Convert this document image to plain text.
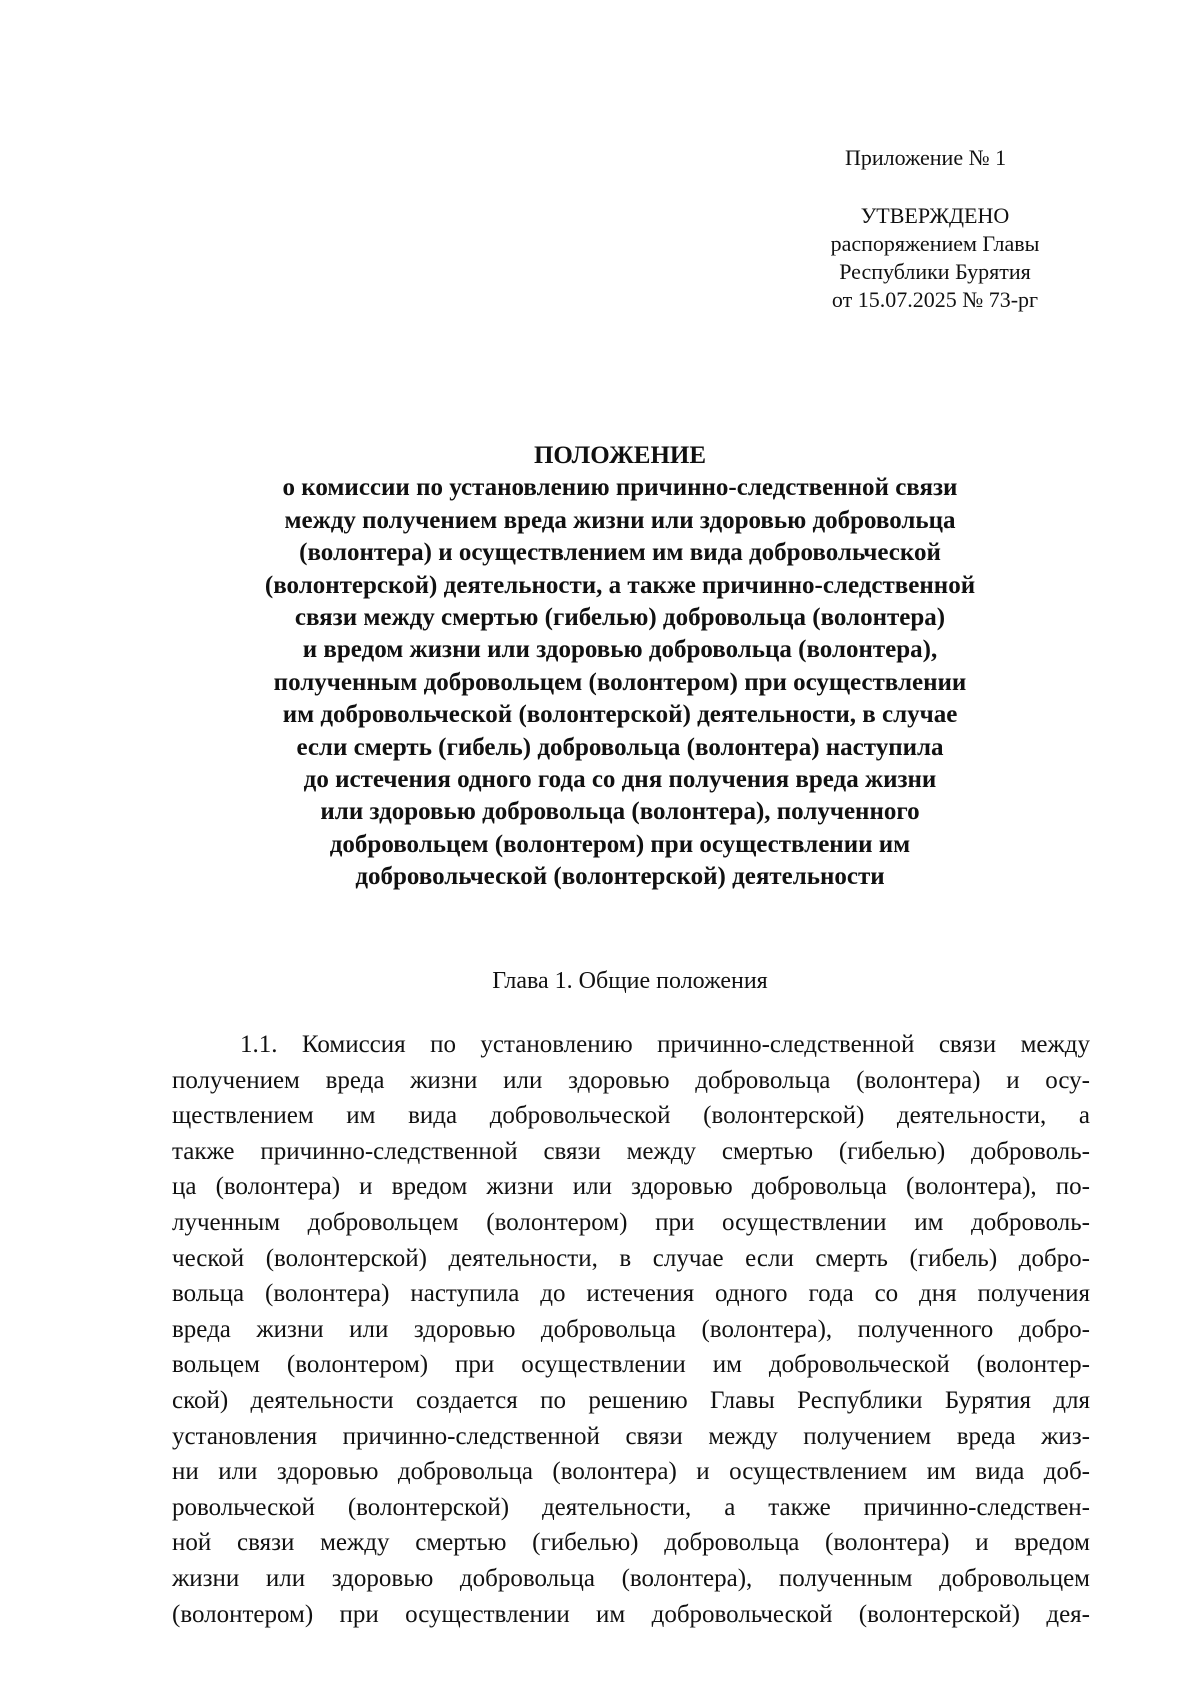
Приложение № 1
УТВЕРЖДЕНО
распоряжением Главы
Республики Бурятия
от 15.07.2025 № 73-рг
ПОЛОЖЕНИЕ
о комиссии по установлению причинно-следственной связи
между получением вреда жизни или здоровью добровольца
(волонтера) и осуществлением им вида добровольческой
(волонтерской) деятельности, а также причинно-следственной
связи между смертью (гибелью) добровольца (волонтера)
и вредом жизни или здоровью добровольца (волонтера),
полученным добровольцем (волонтером) при осуществлении
им добровольческой (волонтерской) деятельности, в случае
если смерть (гибель) добровольца (волонтера) наступила
до истечения одного года со дня получения вреда жизни
или здоровью добровольца (волонтера), полученного
добровольцем (волонтером) при осуществлении им
добровольческой (волонтерской) деятельности
Глава 1. Общие положения
1.1. Комиссия по установлению причинно-следственной связи между
получением вреда жизни или здоровью добровольца (волонтера) и осу-
ществлением им вида добровольческой (волонтерской) деятельности, а
также причинно-следственной связи между смертью (гибелью) доброволь-
ца (волонтера) и вредом жизни или здоровью добровольца (волонтера), по-
лученным добровольцем (волонтером) при осуществлении им доброволь-
ческой (волонтерской) деятельности, в случае если смерть (гибель) добро-
вольца (волонтера) наступила до истечения одного года со дня получения
вреда жизни или здоровью добровольца (волонтера), полученного добро-
вольцем (волонтером) при осуществлении им добровольческой (волонтер-
ской) деятельности создается по решению Главы Республики Бурятия для
установления причинно-следственной связи между получением вреда жиз-
ни или здоровью добровольца (волонтера) и осуществлением им вида доб-
ровольческой (волонтерской) деятельности, а также причинно-следствен-
ной связи между смертью (гибелью) добровольца (волонтера) и вредом
жизни или здоровью добровольца (волонтера), полученным добровольцем
(волонтером) при осуществлении им добровольческой (волонтерской) дея-
